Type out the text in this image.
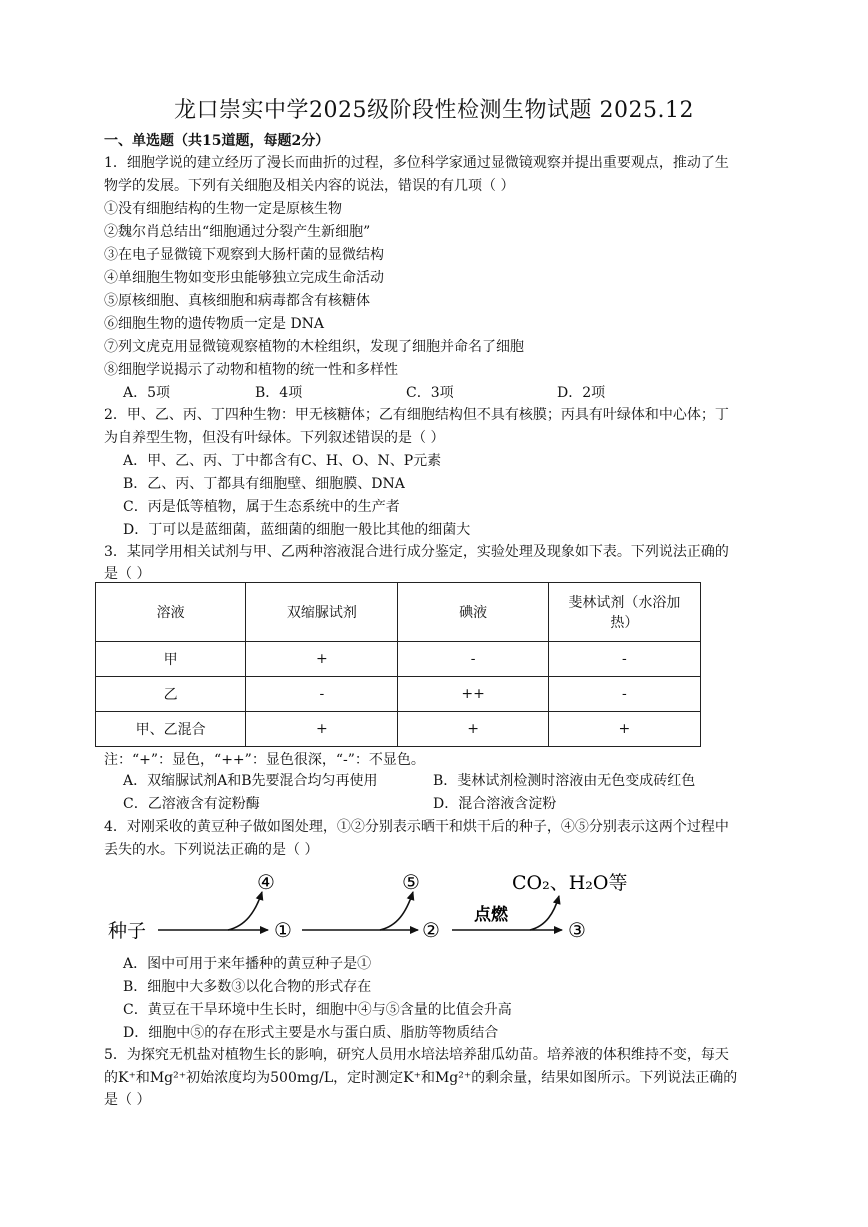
龙口崇实中学2025级阶段性检测生物试题 2025.12
一、单选题（共15道题，每题2分）
1．细胞学说的建立经历了漫长而曲折的过程，多位科学家通过显微镜观察并提出重要观点，推动了生
物学的发展。下列有关细胞及相关内容的说法，错误的有几项（ ）
①没有细胞结构的生物一定是原核生物
②魏尔肖总结出“细胞通过分裂产生新细胞”
③在电子显微镜下观察到大肠杆菌的显微结构
④单细胞生物如变形虫能够独立完成生命活动
⑤原核细胞、真核细胞和病毒都含有核糖体
⑥细胞生物的遗传物质一定是 DNA
⑦列文虎克用显微镜观察植物的木栓组织，发现了细胞并命名了细胞
⑧细胞学说揭示了动物和植物的统一性和多样性
A．5项	B．4项	C．3项	D．2项
2．甲、乙、丙、丁四种生物：甲无核糖体；乙有细胞结构但不具有核膜；丙具有叶绿体和中心体；丁
为自养型生物，但没有叶绿体。下列叙述错误的是（ ）
A．甲、乙、丙、丁中都含有C、H、O、N、P元素
B．乙、丙、丁都具有细胞壁、细胞膜、DNA
C．丙是低等植物，属于生态系统中的生产者
D．丁可以是蓝细菌，蓝细菌的细胞一般比其他的细菌大
3．某同学用相关试剂与甲、乙两种溶液混合进行成分鉴定，实验处理及现象如下表。下列说法正确的
是（ ）
溶液	双缩脲试剂	碘液	斐林试剂（水浴加
热）

甲	+	-	-
乙	-	++	-
甲、乙混合	+	+	+
注：“+”：显色，“++”：显色很深，“-”：不显色。
A．双缩脲试剂A和B先要混合均匀再使用	B．斐林试剂检测时溶液由无色变成砖红色
C．乙溶液含有淀粉酶	D．混合溶液含淀粉
4．对刚采收的黄豆种子做如图处理，①②分别表示晒干和烘干后的种子，④⑤分别表示这两个过程中
丢失的水。下列说法正确的是（ ）
种子
④
①
⑤
②
点燃
CO₂、H₂O等
③
A．图中可用于来年播种的黄豆种子是①
B．细胞中大多数③以化合物的形式存在
C．黄豆在干旱环境中生长时，细胞中④与⑤含量的比值会升高
D．细胞中⑤的存在形式主要是水与蛋白质、脂肪等物质结合
5．为探究无机盐对植物生长的影响，研究人员用水培法培养甜瓜幼苗。培养液的体积维持不变，每天
的K⁺和Mg²⁺初始浓度均为500mg/L，定时测定K⁺和Mg²⁺的剩余量，结果如图所示。下列说法正确的
是（ ）
